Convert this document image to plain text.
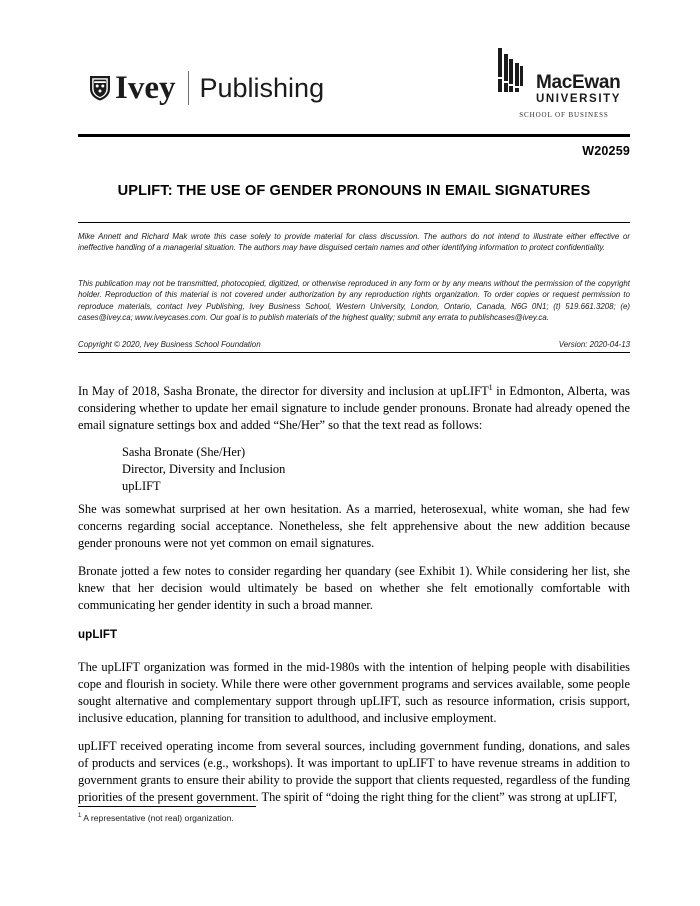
Ivey Publishing	MacEwan
UNIVERSITY
SCHOOL OF BUSINESS
W20259
UPLIFT: THE USE OF GENDER PRONOUNS IN EMAIL SIGNATURES
Mike Annett and Richard Mak wrote this case solely to provide material for class discussion. The authors do not intend to illustrate either effective or ineffective handling of a managerial situation. The authors may have disguised certain names and other identifying information to protect confidentiality.
This publication may not be transmitted, photocopied, digitized, or otherwise reproduced in any form or by any means without the permission of the copyright holder. Reproduction of this material is not covered under authorization by any reproduction rights organization. To order copies or request permission to reproduce materials, contact Ivey Publishing, Ivey Business School, Western University, London, Ontario, Canada, N6G 0N1; (t) 519.661.3208; (e) cases@ivey.ca; www.iveycases.com. Our goal is to publish materials of the highest quality; submit any errata to publishcases@ivey.ca.
Copyright © 2020, Ivey Business School Foundation	Version: 2020-04-13
In May of 2018, Sasha Bronate, the director for diversity and inclusion at upLIFT$^1$ in Edmonton, Alberta, was considering whether to update her email signature to include gender pronouns. Bronate had already opened the email signature settings box and added “She/Her” so that the text read as follows:
Sasha Bronate (She/Her)
Director, Diversity and Inclusion
upLIFT
She was somewhat surprised at her own hesitation. As a married, heterosexual, white woman, she had few concerns regarding social acceptance. Nonetheless, she felt apprehensive about the new addition because gender pronouns were not yet common on email signatures.
Bronate jotted a few notes to consider regarding her quandary (see Exhibit 1). While considering her list, she knew that her decision would ultimately be based on whether she felt emotionally comfortable with communicating her gender identity in such a broad manner.
upLIFT
The upLIFT organization was formed in the mid-1980s with the intention of helping people with disabilities cope and flourish in society. While there were other government programs and services available, some people sought alternative and complementary support through upLIFT, such as resource information, crisis support, inclusive education, planning for transition to adulthood, and inclusive employment.
upLIFT received operating income from several sources, including government funding, donations, and sales of products and services (e.g., workshops). It was important to upLIFT to have revenue streams in addition to government grants to ensure their ability to provide the support that clients requested, regardless of the funding priorities of the present government. The spirit of “doing the right thing for the client” was strong at upLIFT,
$^1$ A representative (not real) organization.
